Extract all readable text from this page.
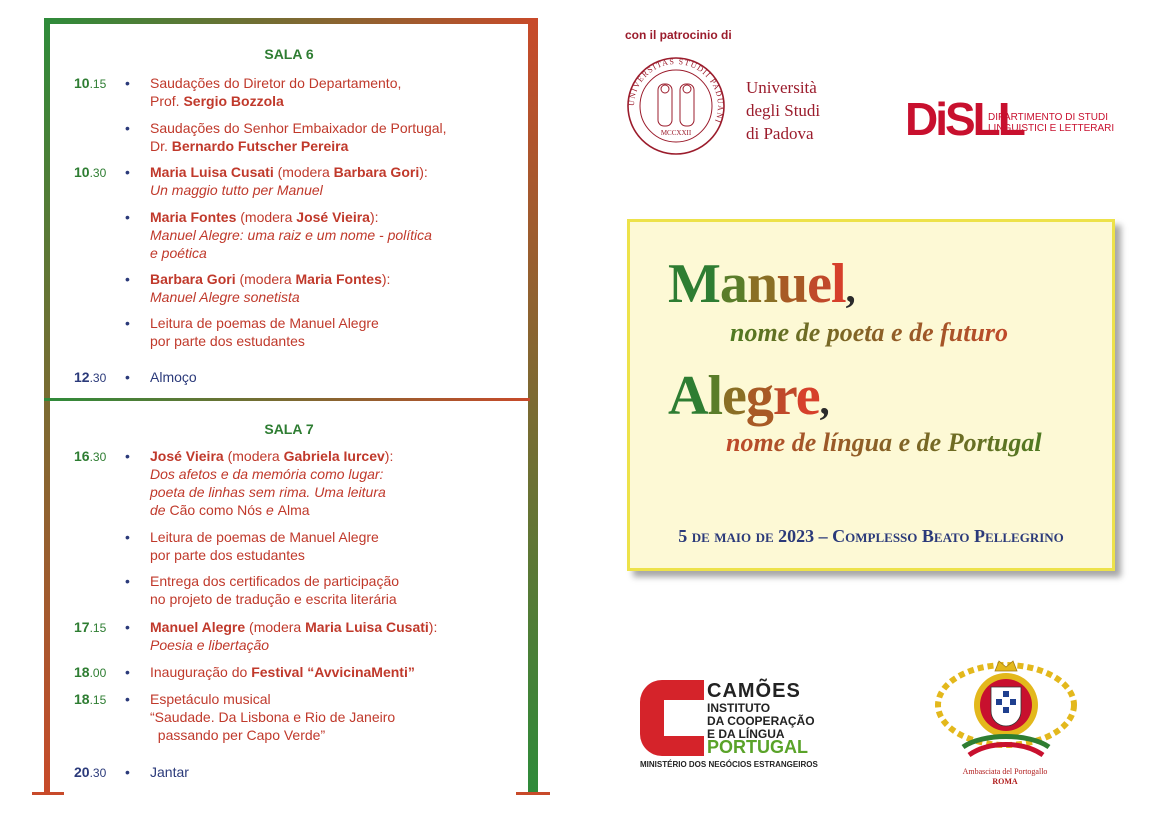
SALA 6
SALA 7
10.15	• Saudações do Diretor do Departamento,
Prof. Sergio Bozzola
• Saudações do Senhor Embaixador de Portugal,
Dr. Bernardo Futscher Pereira
10.30	• Maria Luisa Cusati (modera Barbara Gori):
Un maggio tutto per Manuel
• Maria Fontes (modera José Vieira):
Manuel Alegre: uma raiz e um nome - política
e poética
• Barbara Gori (modera Maria Fontes):
Manuel Alegre sonetista
• Leitura de poemas de Manuel Alegre
por parte dos estudantes
12.30	• Almoço
16.30	• José Vieira (modera Gabriela Iurcev):
Dos afetos e da memória como lugar:
poeta de linhas sem rima. Uma leitura
de Cão como Nós e Alma
• Leitura de poemas de Manuel Alegre
por parte dos estudantes
• Entrega dos certificados de participação
no projeto de tradução e escrita literária
17.15	• Manuel Alegre (modera Maria Luisa Cusati):
Poesia e libertação
18.00	• Inauguração do Festival “AvvicinaMenti”
18.15	• Espetáculo musical
“Saudade. Da Lisbona e Rio de Janeiro
passando per Capo Verde”
20.30	• Jantar
con il patrocinio di
UNIVERSITAS STUDII PADUANI
MCCXXII
Università
degli Studi
di Padova DiSLL
DIPARTIMENTO DI STUDI
LINGUISTICI E LETTERARI
Manuel,
nome de poeta e de futuro
Alegre,
nome de língua e de Portugal
5 de maio de 2023 – Complesso Beato Pellegrino
CAMÕES
INSTITUTO
DA COOPERAÇÃO
E DA LÍNGUA
PORTUGAL
MINISTÉRIO DOS NEGÓCIOS ESTRANGEIROS
Ambasciata del Portogallo
ROMA
